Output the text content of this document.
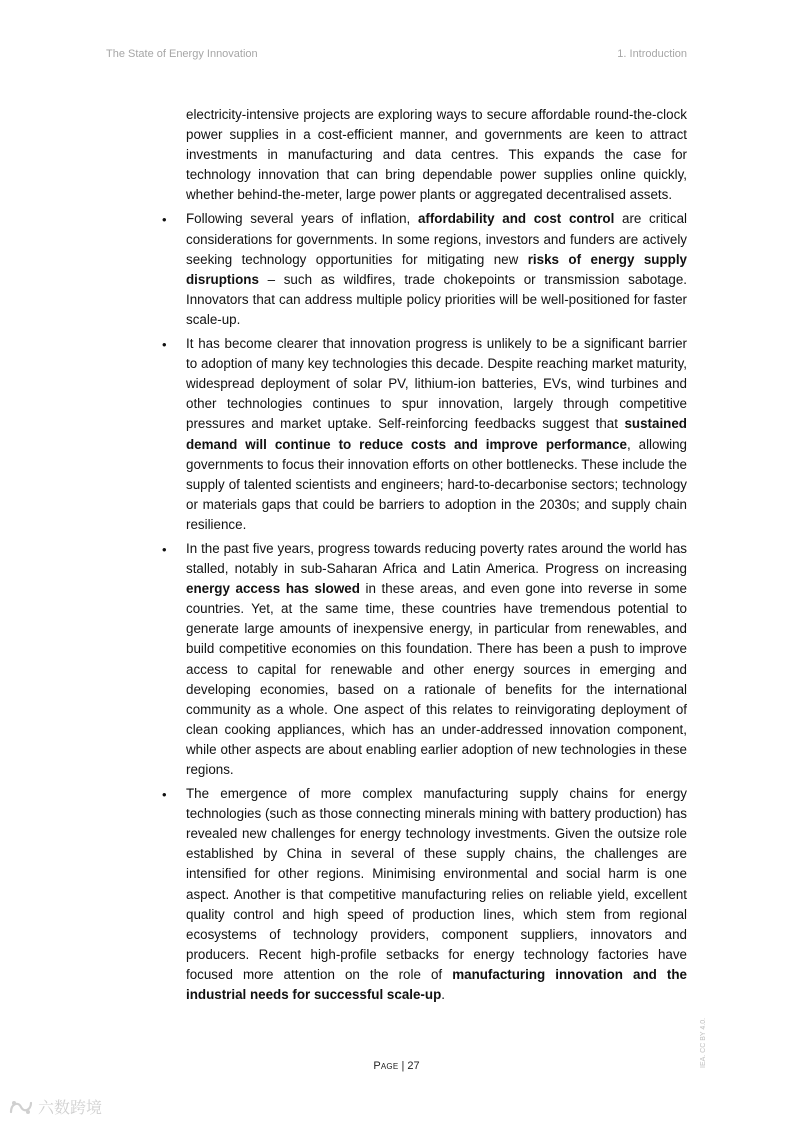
The State of Energy Innovation	1. Introduction

electricity-intensive projects are exploring ways to secure affordable round-the-clock power supplies in a cost-efficient manner, and governments are keen to attract investments in manufacturing and data centres. This expands the case for technology innovation that can bring dependable power supplies online quickly, whether behind-the-meter, large power plants or aggregated decentralised assets.

• Following several years of inflation, affordability and cost control are critical considerations for governments. In some regions, investors and funders are actively seeking technology opportunities for mitigating new risks of energy supply disruptions – such as wildfires, trade chokepoints or transmission sabotage. Innovators that can address multiple policy priorities will be well-positioned for faster scale-up.
• It has become clearer that innovation progress is unlikely to be a significant barrier to adoption of many key technologies this decade. Despite reaching market maturity, widespread deployment of solar PV, lithium-ion batteries, EVs, wind turbines and other technologies continues to spur innovation, largely through competitive pressures and market uptake. Self-reinforcing feedbacks suggest that sustained demand will continue to reduce costs and improve performance, allowing governments to focus their innovation efforts on other bottlenecks. These include the supply of talented scientists and engineers; hard-to-decarbonise sectors; technology or materials gaps that could be barriers to adoption in the 2030s; and supply chain resilience.
• In the past five years, progress towards reducing poverty rates around the world has stalled, notably in sub-Saharan Africa and Latin America. Progress on increasing energy access has slowed in these areas, and even gone into reverse in some countries. Yet, at the same time, these countries have tremendous potential to generate large amounts of inexpensive energy, in particular from renewables, and build competitive economies on this foundation. There has been a push to improve access to capital for renewable and other energy sources in emerging and developing economies, based on a rationale of benefits for the international community as a whole. One aspect of this relates to reinvigorating deployment of clean cooking appliances, which has an under-addressed innovation component, while other aspects are about enabling earlier adoption of new technologies in these regions.
• The emergence of more complex manufacturing supply chains for energy technologies (such as those connecting minerals mining with battery production) has revealed new challenges for energy technology investments. Given the outsize role established by China in several of these supply chains, the challenges are intensified for other regions. Minimising environmental and social harm is one aspect. Another is that competitive manufacturing relies on reliable yield, excellent quality control and high speed of production lines, which stem from regional ecosystems of technology providers, component suppliers, innovators and producers. Recent high-profile setbacks for energy technology factories have focused more attention on the role of manufacturing innovation and the industrial needs for successful scale-up.
Page | 27	IEA. CC BY 4.0.
六数跨境
